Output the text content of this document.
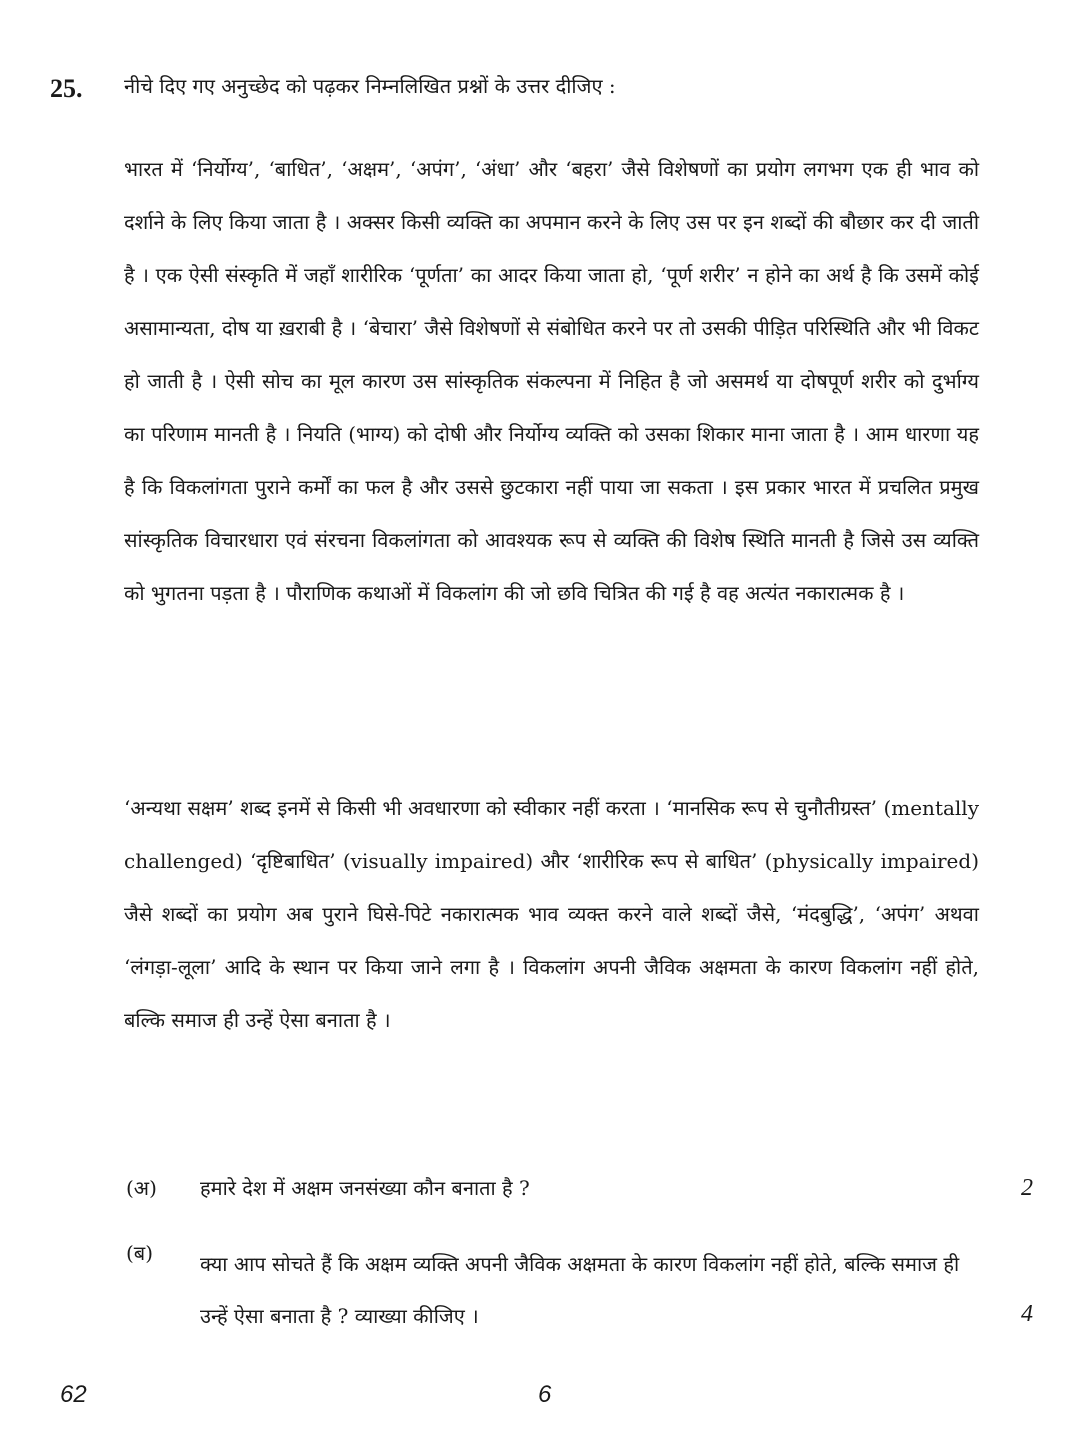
25. नीचे दिए गए अनुच्छेद को पढ़कर निम्नलिखित प्रश्नों के उत्तर दीजिए :

भारत में ‘निर्योग्य’, ‘बाधित’, ‘अक्षम’, ‘अपंग’, ‘अंधा’ और ‘बहरा’ जैसे विशेषणों का प्रयोग लगभग एक ही भाव को दर्शाने के लिए किया जाता है । अक्सर किसी व्यक्ति का अपमान करने के लिए उस पर इन शब्दों की बौछार कर दी जाती है । एक ऐसी संस्कृति में जहाँ शारीरिक ‘पूर्णता’ का आदर किया जाता हो, ‘पूर्ण शरीर’ न होने का अर्थ है कि उसमें कोई असामान्यता, दोष या ख़राबी है । ‘बेचारा’ जैसे विशेषणों से संबोधित करने पर तो उसकी पीड़ित परिस्थिति और भी विकट हो जाती है । ऐसी सोच का मूल कारण उस सांस्कृतिक संकल्पना में निहित है जो असमर्थ या दोषपूर्ण शरीर को दुर्भाग्य का परिणाम मानती है । नियति (भाग्य) को दोषी और निर्योग्य व्यक्ति को उसका शिकार माना जाता है । आम धारणा यह है कि विकलांगता पुराने कर्मों का फल है और उससे छुटकारा नहीं पाया जा सकता । इस प्रकार भारत में प्रचलित प्रमुख सांस्कृतिक विचारधारा एवं संरचना विकलांगता को आवश्यक रूप से व्यक्ति की विशेष स्थिति मानती है जिसे उस व्यक्ति को भुगतना पड़ता है । पौराणिक कथाओं में विकलांग की जो छवि चित्रित की गई है वह अत्यंत नकारात्मक है ।

‘अन्यथा सक्षम’ शब्द इनमें से किसी भी अवधारणा को स्वीकार नहीं करता । ‘मानसिक रूप से चुनौतीग्रस्त’ (mentally challenged) ‘दृष्टिबाधित’ (visually impaired) और ‘शारीरिक रूप से बाधित’ (physically impaired) जैसे शब्दों का प्रयोग अब पुराने घिसे-पिटे नकारात्मक भाव व्यक्त करने वाले शब्दों जैसे, ‘मंदबुद्धि’, ‘अपंग’ अथवा ‘लंगड़ा-लूला’ आदि के स्थान पर किया जाने लगा है । विकलांग अपनी जैविक अक्षमता के कारण विकलांग नहीं होते, बल्कि समाज ही उन्हें ऐसा बनाता है ।

(अ) हमारे देश में अक्षम जनसंख्या कौन बनाता है ?	2
(ब) क्या आप सोचते हैं कि अक्षम व्यक्ति अपनी जैविक अक्षमता के कारण विकलांग नहीं होते, बल्कि समाज ही उन्हें ऐसा बनाता है ? व्याख्या कीजिए ।	4
62	6
